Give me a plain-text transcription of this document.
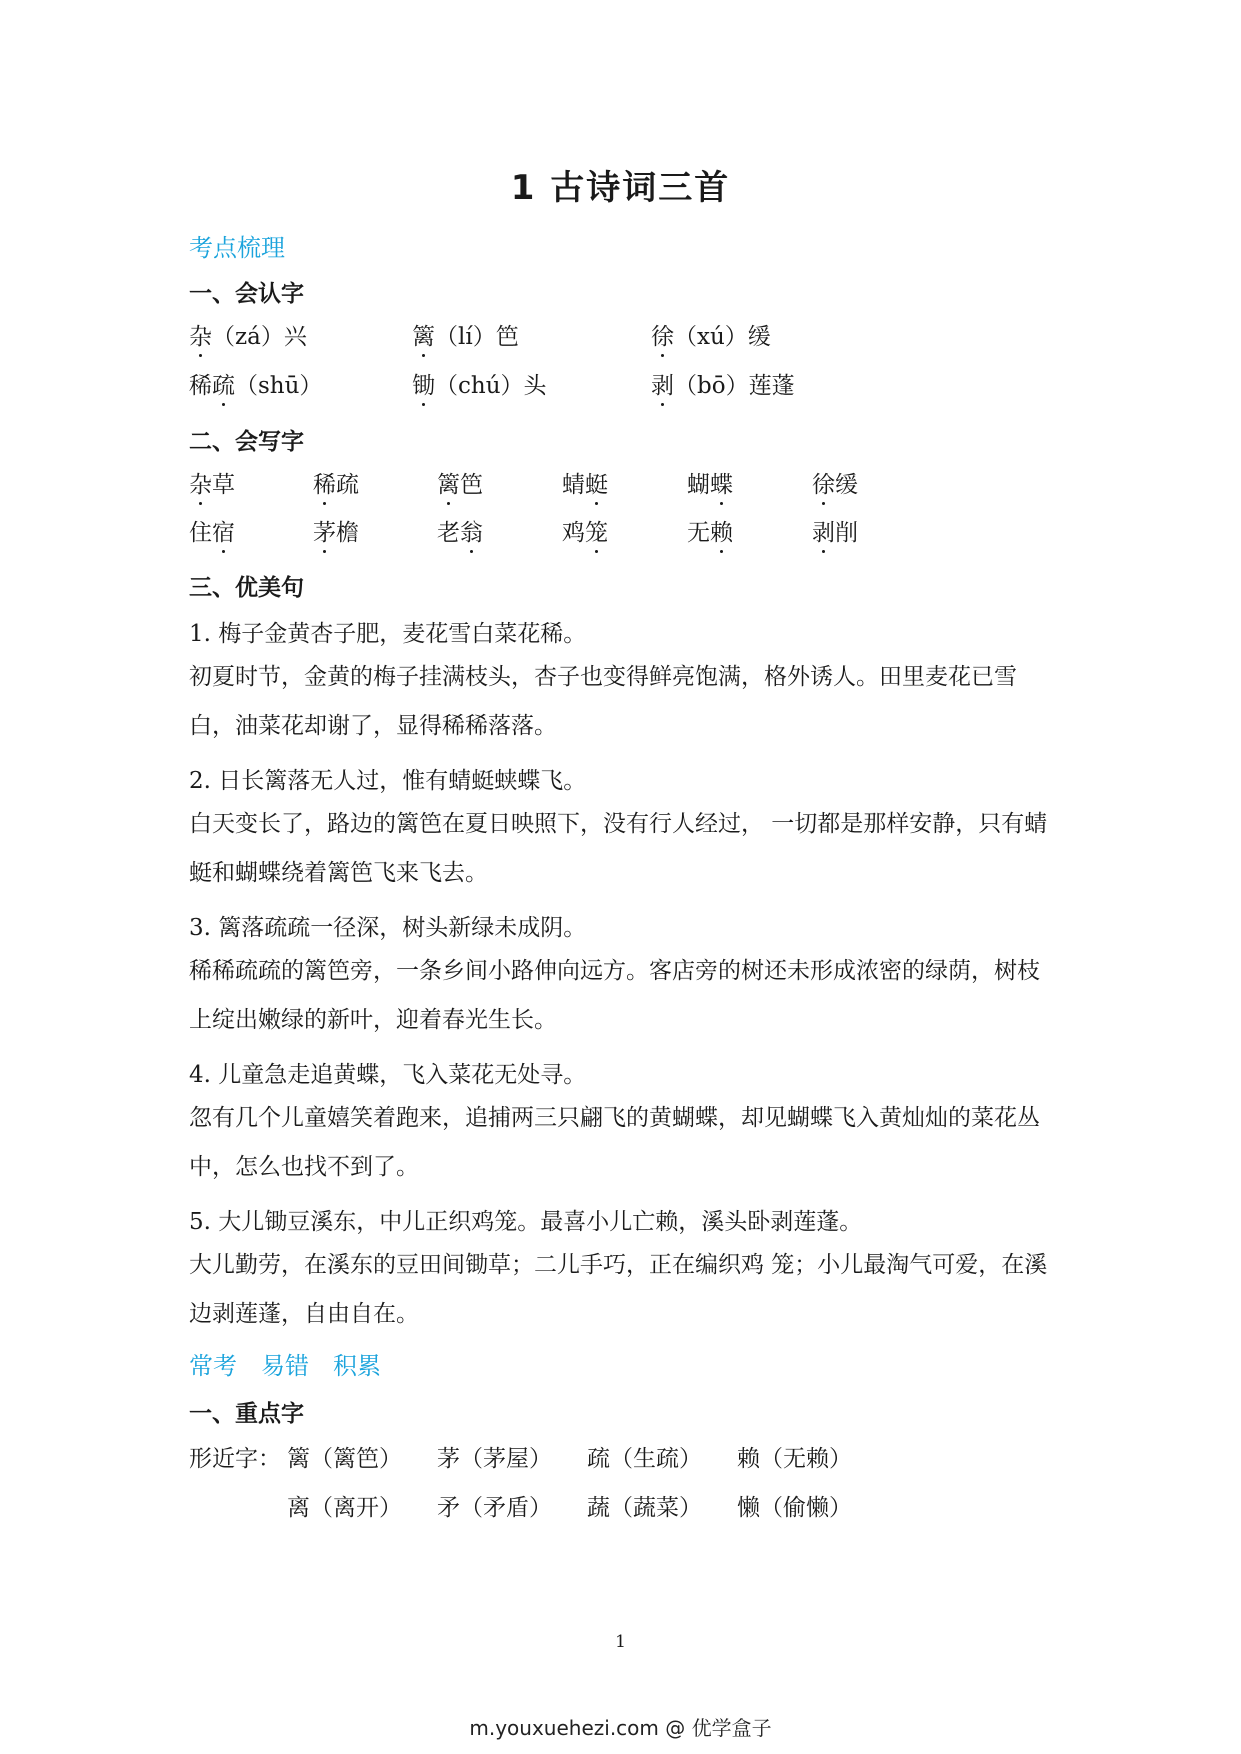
1 古诗词三首
考点梳理
一、会认字
杂（zá）兴	篱（lí）笆	徐（xú）缓
稀疏（shū）	锄（chú）头	剥（bō）莲蓬
二、会写字
杂草	稀疏	篱笆	蜻蜓	蝴蝶	徐缓
住宿	茅檐	老翁	鸡笼	无赖	剥削
三、优美句
1. 梅子金黄杏子肥，麦花雪白菜花稀。
初夏时节，金黄的梅子挂满枝头，杏子也变得鲜亮饱满，格外诱人。田里麦花已雪白，油菜花却谢了，显得稀稀落落。
2. 日长篱落无人过，惟有蜻蜓蛱蝶飞。
白天变长了，路边的篱笆在夏日映照下，没有行人经过， 一切都是那样安静，只有蜻蜓和蝴蝶绕着篱笆飞来飞去。
3. 篱落疏疏一径深，树头新绿未成阴。
稀稀疏疏的篱笆旁，一条乡间小路伸向远方。客店旁的树还未形成浓密的绿荫，树枝上绽出嫩绿的新叶，迎着春光生长。
4. 儿童急走追黄蝶，飞入菜花无处寻。
忽有几个儿童嬉笑着跑来，追捕两三只翩飞的黄蝴蝶，却见蝴蝶飞入黄灿灿的菜花丛中，怎么也找不到了。
5. 大儿锄豆溪东，中儿正织鸡笼。最喜小儿亡赖，溪头卧剥莲蓬。
大儿勤劳，在溪东的豆田间锄草；二儿手巧，正在编织鸡 笼；小儿最淘气可爱，在溪边剥莲蓬，自由自在。
常考 易错 积累
一、重点字
形近字： 篱（篱笆） 茅（茅屋） 疏（生疏） 赖（无赖）
离（离开） 矛（矛盾） 蔬（蔬菜） 懒（偷懒）
1
m.youxuehezi.com @ 优学盒子
